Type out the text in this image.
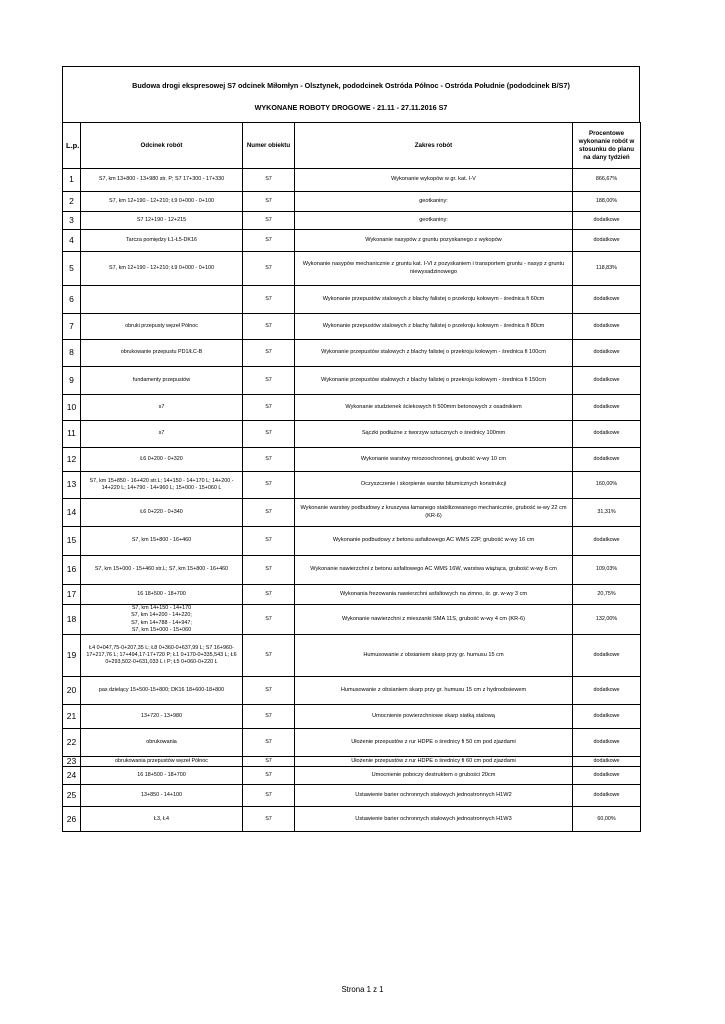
Budowa drogi ekspresowej S7 odcinek Miłomłyn - Olsztynek, pododcinek Ostróda Północ - Ostróda Południe (pododcinek B/S7)
WYKONANE ROBOTY DROGOWE - 21.11 - 27.11.2016 S7
L.p.	Odcinek robót	Numer obiektu	Zakres robót	Procentowe wykonanie robót w stosunku do planu na dany tydzień
1	S7, km 13+800 - 13+980 str. P; S7 17+300 - 17+330	S7	Wykonanie wykopów w gr. kat. I-V	866,67%
2	S7, km 12+190 - 12+210; Ł9 0+000 - 0+100	S7	geotkaniny:	188,00%
3	S7 12+190 - 12+215	S7	geotkaniny:	dodatkowe
4	Tarcza pomiędzy Ł1-Ł5-DK16	S7	Wykonanie nasypów z gruntu pozyskanego z wykopów	dodatkowe
5	S7, km 12+190 - 12+210; Ł9 0+000 - 0+100	S7	Wykonanie nasypów mechanicznie z gruntu kat. I-VI z pozyskaniem i transportem gruntu - nasyp z gruntu niewysadzinowego	118,83%
6		S7	Wykonanie przepustów stalowych z blachy falistej o przekroju kołowym - średnica fi 60cm	dodatkowe
7	obruki przepusty węzeł Północ	S7	Wykonanie przepustów stalowych z blachy falistej o przekroju kołowym - średnica fi 80cm	dodatkowe
8	obrukowanie przepustu PD1/ŁC-B	S7	Wykonanie przepustów stalowych z blachy falistej o przekroju kołowym - średnica fi 100cm	dodatkowe
9	fundamenty przepustów	S7	Wykonanie przepustów stalowych z blachy falistej o przekroju kołowym - średnica fi 150cm	dodatkowe
10	s7	S7	Wykonanie studzienek ściekowych fi 500mm betonowych z osadnikiem	dodatkowe
11	s7	S7	Sączki podłużne z tworzyw sztucznych o średnicy 100mm	dodatkowe
12	Ł6 0+200 - 0+320	S7	Wykonanie warstwy mrozoochronnej, grubość w-wy 10 cm	dodatkowe
13	S7, km 15+850 - 16+420 str.L; 14+150 - 14+170 L; 14+200 - 14+220 L; 14+790 - 14+960 L; 15+000 - 15+060 L	S7	Oczyszczenie i skorpienie warstw bitumicznych konstrukcji	160,00%
14	Ł6 0+220 - 0+340	S7	Wykonanie warstwy podbudowy z kruszywa łamanego stabilizowanego mechanicznie, grubość w-wy 22 cm (KR-6)	31,31%
15	S7, km 15+800 - 16+460	S7	Wykonanie podbudowy z betonu asfaltowego AC WMS 22P, grubość w-wy 16 cm	dodatkowe
16	S7, km 15+000 - 15+460 str.L; S7, km 15+800 - 16+460	S7	Wykonanie nawierzchni z betonu asfaltowego AC WMS 16W, warstwa wiążąca, grubość w-wy 8 cm	109,03%
17	16 18+500 - 18+700	S7	Wykonania frezowania nawierzchni asfaltowych na zimno, śr. gr. w-wy 3 cm	20,75%
18	S7, km 14+150 - 14+170
S7, km 14+200 - 14+220;
S7, km 14+788 - 14+947;
S7, km 15+000 - 15+060	S7	Wykonanie nawierzchni z mieszanki SMA 11S, grubość w-wy 4 cm (KR-6)	132,00%
19	Ł4 0+047,75-0+207,35 L; Ł8 0+360-0+637,99 L; S7 16+960-17+217,76 L; 17+494,17-17+720 P; Ł1 0+170-0+335,543 L; Ł6 0+293,502-0+631,033 L i P; Ł5 0+060-0+220 L	S7	Humusowanie z obsianiem skarp przy gr. humusu 15 cm	dodatkowe
20	pas dzielący 15+500-15+800; DK16 18+600-18+800	S7	Humusowanie z obsianiem skarp przy gr. humusu 15 cm z hydroobsiewem	dodatkowe
21	13+720 - 13+980	S7	Umocnienie powierzchniowe skarp siatką stalową	dodatkowe
22	obrukowania	S7	Ułożenie przepustów z rur HDPE o średnicy fi 50 cm pod zjazdami	dodatkowe
23	obrukowania przepustów węzeł Północ	S7	Ułożenie przepustów z rur HDPE o średnicy fi 60 cm pod zjazdami	dodatkowe
24	16 18+500 - 18+700	S7	Umocnienie poboczy destruktem o grubości 20cm	dodatkowe
25	13+850 - 14+100	S7	Ustawienie barier ochronnych stalowych jednostronnych H1W2	dodatkowe
26	Ł3, Ł4	S7	Ustawienie barier ochronnych stalowych jednostronnych H1W3	60,00%
Strona 1 z 1
